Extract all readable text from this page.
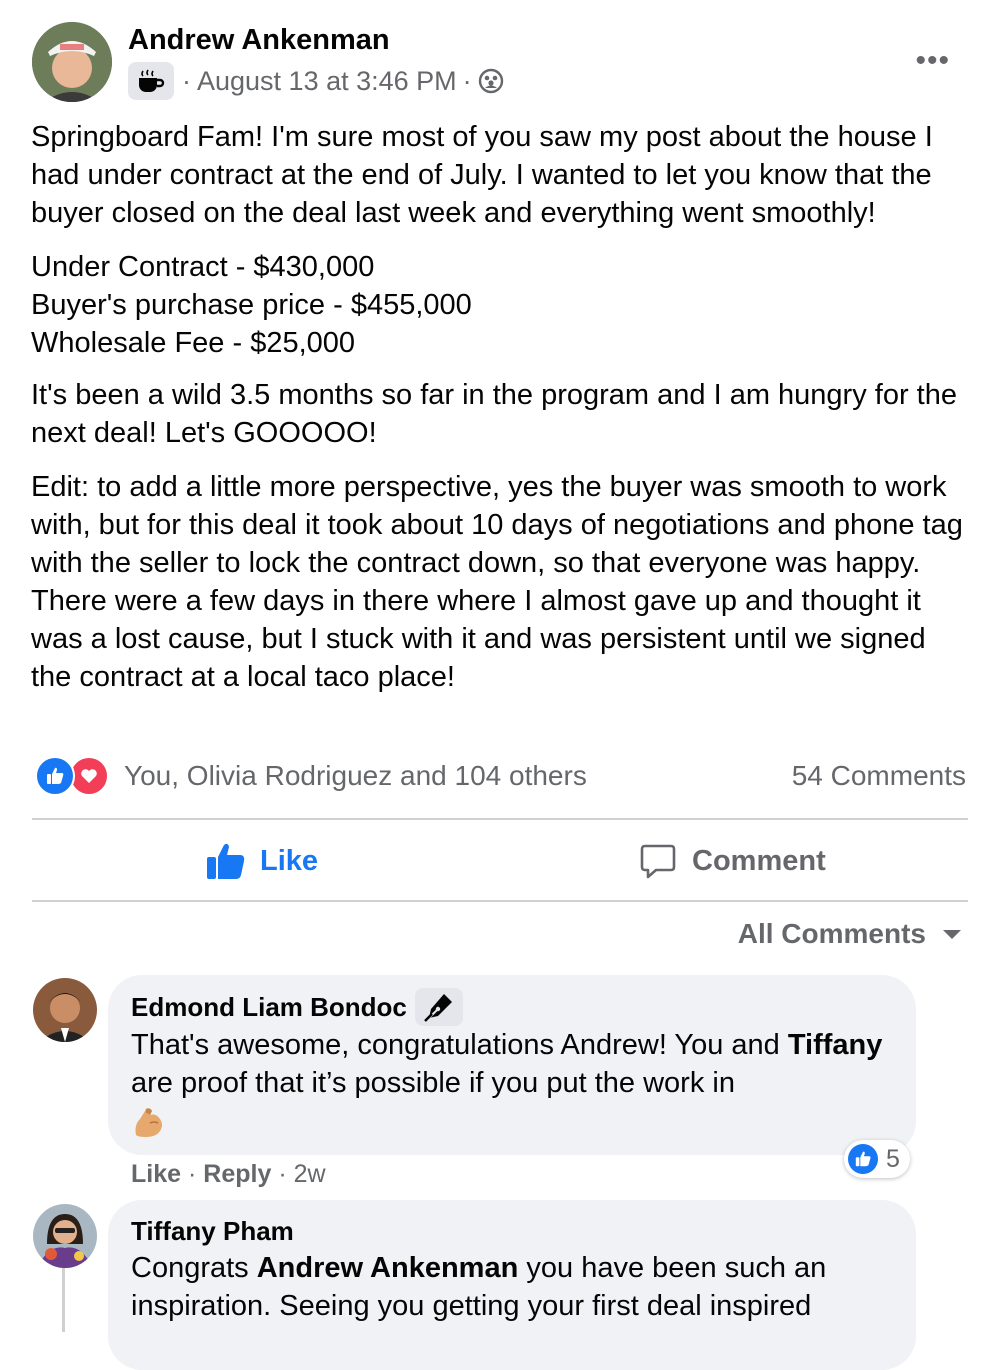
Andrew Ankenman
· August 13 at 3:46 PM ·
•••

Springboard Fam! I'm sure most of you saw my post about the house I had under contract at the end of July. I wanted to let you know that the buyer closed on the deal last week and everything went smoothly!

Under Contract - $430,000

Buyer's purchase price - $455,000

Wholesale Fee - $25,000

It's been a wild 3.5 months so far in the program and I am hungry for the next deal! Let's GOOOOO!

Edit: to add a little more perspective, yes the buyer was smooth to work with, but for this deal it took about 10 days of negotiations and phone tag with the seller to lock the contract down, so that everyone was happy. There were a few days in there where I almost gave up and thought it was a lost cause, but I stuck with it and was persistent until we signed the contract at a local taco place!

You, Olivia Rodriguez and 104 others	54 Comments
Like	Comment
All Comments
Edmond Liam Bondoc
That's awesome, congratulations Andrew! You and Tiffany are proof that it’s possible if you put the work in
5
Like · Reply · 2w
Tiffany Pham
Congrats Andrew Ankenman you have been such an inspiration. Seeing you getting your first deal inspired
